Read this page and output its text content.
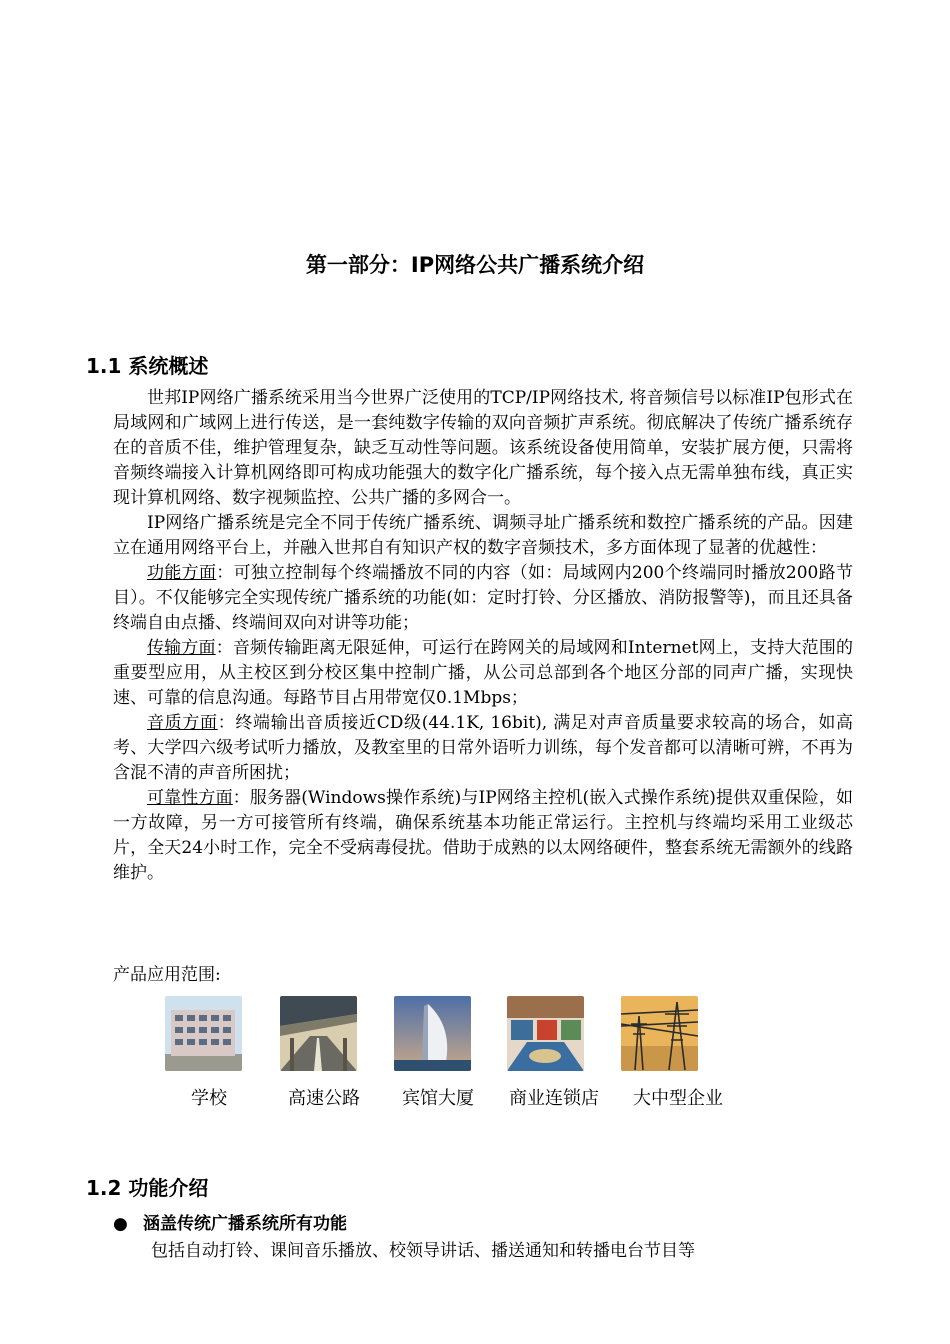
第一部分：IP网络公共广播系统介绍
1.1 系统概述

世邦IP网络广播系统采用当今世界广泛使用的TCP/IP网络技术, 将音频信号以标准IP包形式在局域网和广域网上进行传送，是一套纯数字传输的双向音频扩声系统。彻底解决了传统广播系统存在的音质不佳，维护管理复杂，缺乏互动性等问题。该系统设备使用简单，安装扩展方便，只需将音频终端接入计算机网络即可构成功能强大的数字化广播系统，每个接入点无需单独布线，真正实现计算机网络、数字视频监控、公共广播的多网合一。

IP网络广播系统是完全不同于传统广播系统、调频寻址广播系统和数控广播系统的产品。因建立在通用网络平台上，并融入世邦自有知识产权的数字音频技术，多方面体现了显著的优越性：

功能方面：可独立控制每个终端播放不同的内容（如：局域网内200个终端同时播放200路节目）。不仅能够完全实现传统广播系统的功能(如：定时打铃、分区播放、消防报警等)，而且还具备终端自由点播、终端间双向对讲等功能；

传输方面：音频传输距离无限延伸，可运行在跨网关的局域网和Internet网上，支持大范围的重要型应用，从主校区到分校区集中控制广播，从公司总部到各个地区分部的同声广播，实现快速、可靠的信息沟通。每路节目占用带宽仅0.1Mbps；

音质方面：终端输出音质接近CD级(44.1K, 16bit), 满足对声音质量要求较高的场合，如高考、大学四六级考试听力播放，及教室里的日常外语听力训练，每个发音都可以清晰可辨，不再为含混不清的声音所困扰；

可靠性方面：服务器(Windows操作系统)与IP网络主控机(嵌入式操作系统)提供双重保险，如一方故障，另一方可接管所有终端，确保系统基本功能正常运行。主控机与终端均采用工业级芯片，全天24小时工作，完全不受病毒侵扰。借助于成熟的以太网络硬件，整套系统无需额外的线路维护。

产品应用范围:
学校	高速公路	宾馆大厦	商业连锁店	大中型企业
1.2 功能介绍
● 涵盖传统广播系统所有功能
包括自动打铃、课间音乐播放、校领导讲话、播送通知和转播电台节目等
